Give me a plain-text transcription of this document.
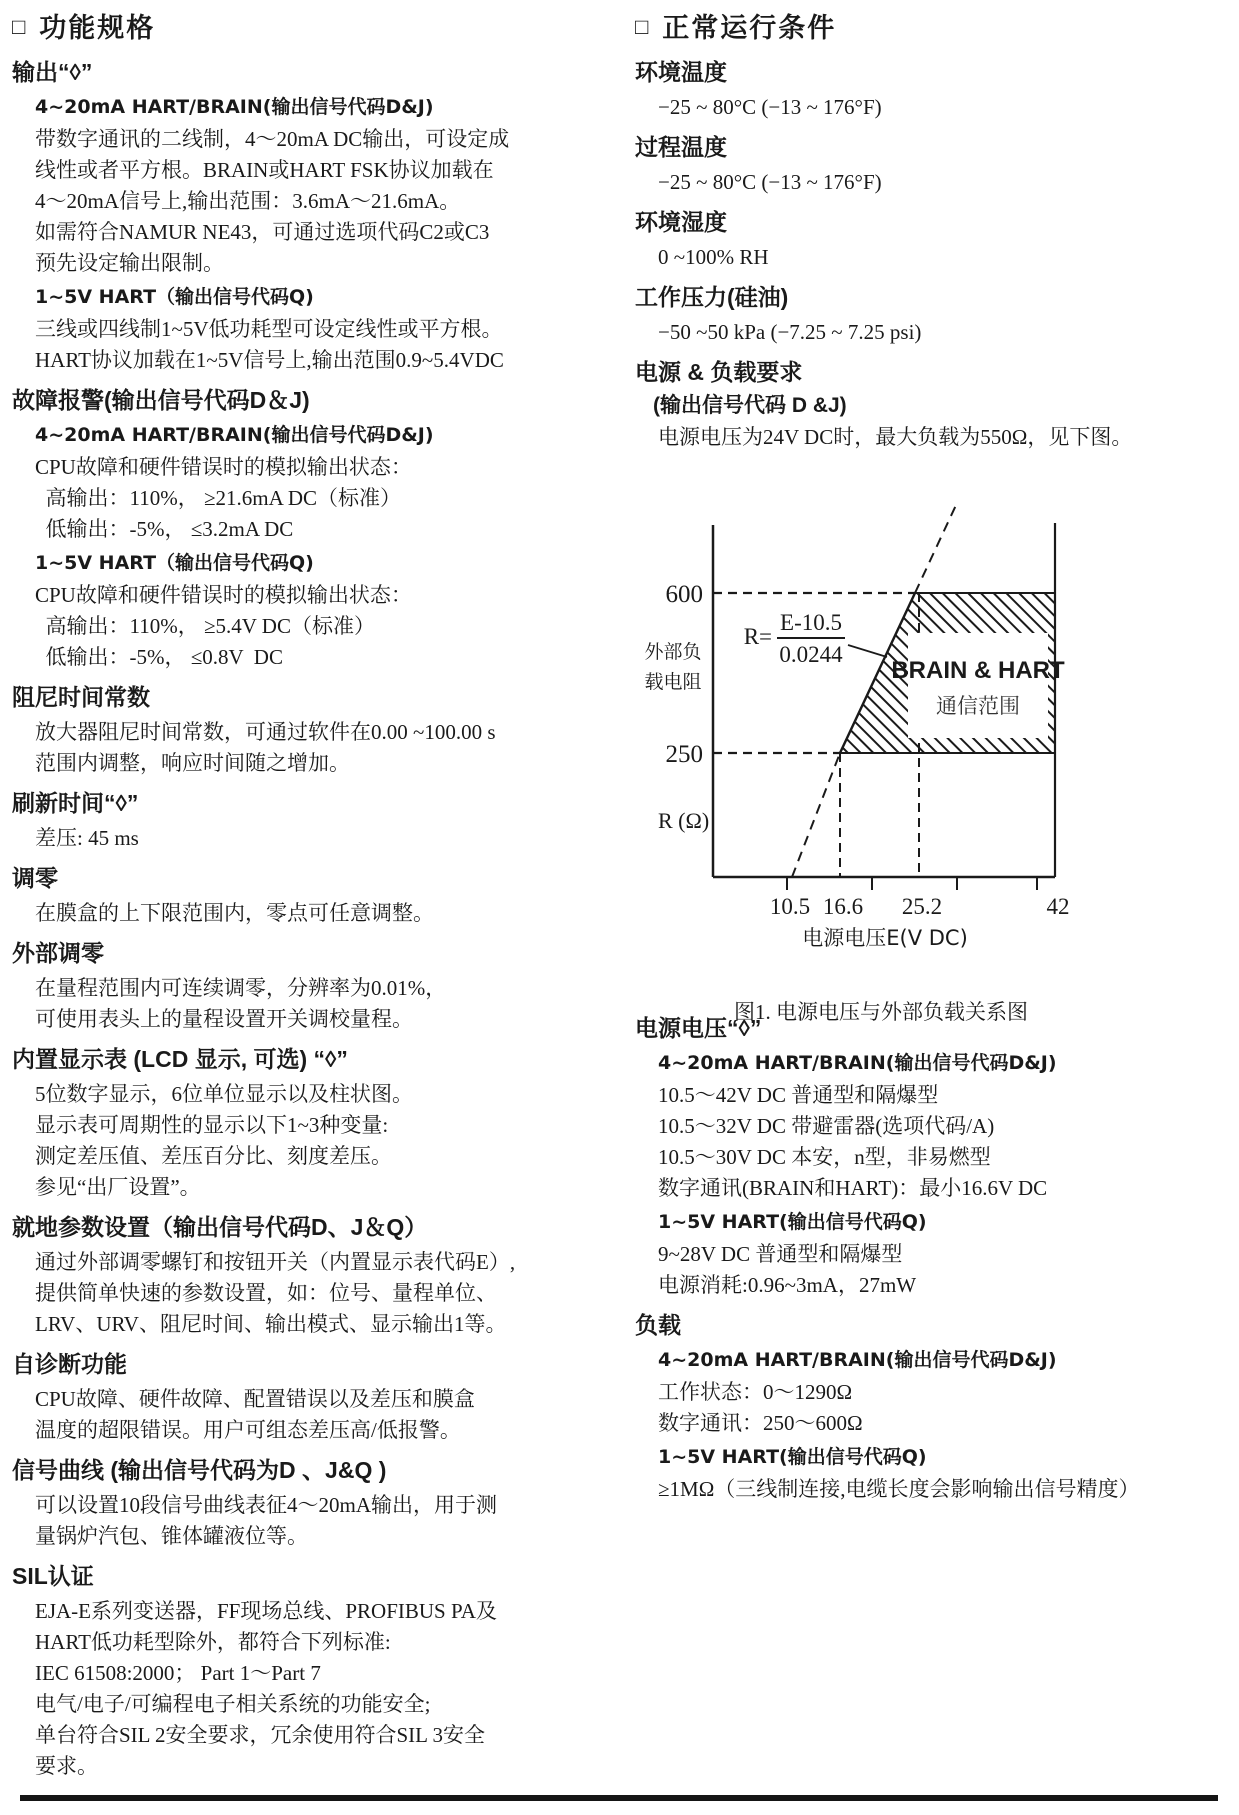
□ 功能规格
输出“◊”
4~20mA HART/BRAIN(输出信号代码D&J)
带数字通讯的二线制，4～20mA DC输出，可设定成
线性或者平方根。BRAIN或HART FSK协议加载在
4～20mA信号上,输出范围：3.6mA～21.6mA。
如需符合NAMUR NE43，可通过选项代码C2或C3
预先设定输出限制。
1~5V HART（输出信号代码Q)
三线或四线制1~5V低功耗型可设定线性或平方根。
HART协议加载在1~5V信号上,输出范围0.9~5.4VDC
故障报警(输出信号代码D＆J)
4~20mA HART/BRAIN(输出信号代码D&J)
CPU故障和硬件错误时的模拟输出状态：
高输出：110%， ≥21.6mA DC（标准）
低输出：-5%， ≤3.2mA DC
1~5V HART（输出信号代码Q)
CPU故障和硬件错误时的模拟输出状态：
高输出：110%， ≥5.4V DC（标准）
低输出：-5%， ≤0.8V  DC
阻尼时间常数
放大器阻尼时间常数，可通过软件在0.00 ~100.00 s
范围内调整，响应时间随之增加。
刷新时间“◊”
差压: 45 ms
调零
在膜盒的上下限范围内，零点可任意调整。
外部调零
在量程范围内可连续调零，分辨率为0.01%，
可使用表头上的量程设置开关调校量程。
内置显示表 (LCD 显示, 可选) “◊”
5位数字显示，6位单位显示以及柱状图。
显示表可周期性的显示以下1~3种变量:
测定差压值、差压百分比、刻度差压。
参见“出厂设置”。
就地参数设置（输出信号代码D、J＆Q）
通过外部调零螺钉和按钮开关（内置显示表代码E）,
提供简单快速的参数设置，如：位号、量程单位、
LRV、URV、阻尼时间、输出模式、显示输出1等。
自诊断功能
CPU故障、硬件故障、配置错误以及差压和膜盒
温度的超限错误。用户可组态差压高/低报警。
信号曲线 (输出信号代码为D 、J&Q )
可以设置10段信号曲线表征4～20mA输出，用于测
量锅炉汽包、锥体罐液位等。
SIL认证
EJA-E系列变送器，FF现场总线、PROFIBUS PA及
HART低功耗型除外，都符合下列标准:
IEC 61508:2000； Part 1～Part 7
电气/电子/可编程电子相关系统的功能安全;
单台符合SIL 2安全要求，冗余使用符合SIL 3安全
要求。
□ 正常运行条件
环境温度
−25 ~ 80°C (−13 ~ 176°F)
过程温度
−25 ~ 80°C (−13 ~ 176°F)
环境湿度
0 ~100% RH
工作压力(硅油)
−50 ~50 kPa (−7.25 ~ 7.25 psi)
电源 & 负载要求
(输出信号代码 D &J)
电源电压为24V DC时，最大负载为550Ω，见下图。
BRAIN & HART
通信范围
R=
E-10.5
0.0244
600
250
外部负
载电阻
R (Ω)
10.5 16.6 25.2	42
电源电压E(V DC)
图1. 电源电压与外部负载关系图
电源电压“◊”
4~20mA HART/BRAIN(输出信号代码D&J)
10.5～42V DC 普通型和隔爆型
10.5～32V DC 带避雷器(选项代码/A)
10.5～30V DC 本安，n型，非易燃型
数字通讯(BRAIN和HART)：最小16.6V DC
1~5V HART(输出信号代码Q)
9~28V DC 普通型和隔爆型
电源消耗:0.96~3mA，27mW
负载
4~20mA HART/BRAIN(输出信号代码D&J)
工作状态：0～1290Ω
数字通讯：250～600Ω
1~5V HART(输出信号代码Q)
≥1MΩ（三线制连接,电缆长度会影响输出信号精度）
